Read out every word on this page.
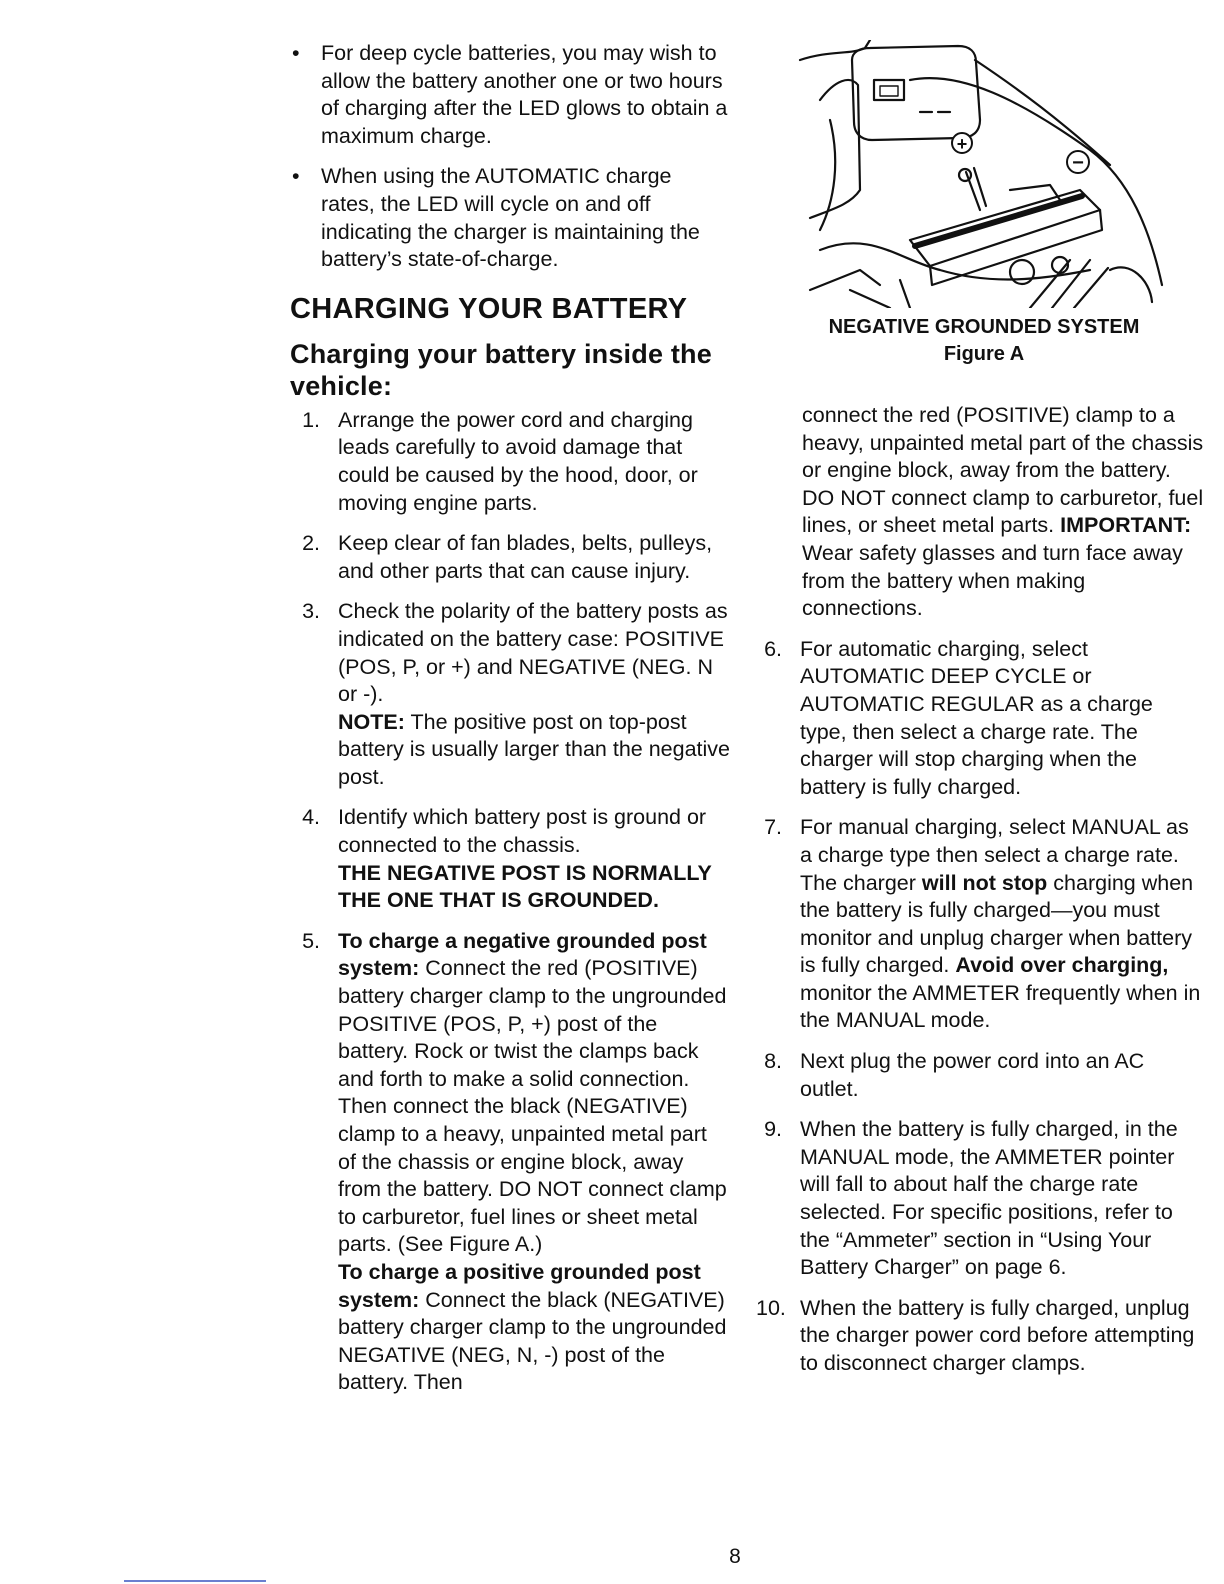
• For deep cycle batteries, you may wish to allow the battery another one or two hours of charging after the LED glows to obtain a maximum charge.
• When using the AUTOMATIC charge rates, the LED will cycle on and off indicating the charger is maintaining the battery’s state-of-charge.
CHARGING YOUR BATTERY
Charging your battery inside the vehicle:
1. Arrange the power cord and charging leads carefully to avoid damage that could be caused by the hood, door, or moving engine parts.

2. Keep clear of fan blades, belts, pulleys, and other parts that can cause injury.

3. Check the polarity of the battery posts as indicated on the battery case: POSITIVE (POS, P, or +) and NEGATIVE (NEG. N or -).
NOTE: The positive post on top-post battery is usually larger than the negative post.

4. Identify which battery post is ground or connected to the chassis.
THE NEGATIVE POST IS NORMALLY THE ONE THAT IS GROUNDED.

5. To charge a negative grounded post system: Connect the red (POSITIVE) battery charger clamp to the ungrounded POSITIVE (POS, P, +) post of the battery. Rock or twist the clamps back and forth to make a solid connection. Then connect the black (NEGATIVE) clamp to a heavy, unpainted metal part of the chassis or engine block, away from the battery. DO NOT connect clamp to carburetor, fuel lines or sheet metal parts. (See Figure A.)
To charge a positive grounded post system: Connect the black (NEGATIVE) battery charger clamp to the ungrounded NEGATIVE (NEG, N, -) post of the battery. Then

+
−
NEGATIVE GROUNDED SYSTEM
Figure A
connect the red (POSITIVE) clamp to a heavy, unpainted metal part of the chassis or engine block, away from the battery. DO NOT connect clamp to carburetor, fuel lines, or sheet metal parts. IMPORTANT: Wear safety glasses and turn face away from the battery when making connections.
6. For automatic charging, select AUTOMATIC DEEP CYCLE or AUTOMATIC REGULAR as a charge type, then select a charge rate. The charger will stop charging when the battery is fully charged.

7. For manual charging, select MANUAL as a charge type then select a charge rate. The charger will not stop charging when the battery is fully charged—you must monitor and unplug charger when battery is fully charged. Avoid over charging, monitor the AMMETER frequently when in the MANUAL mode.

8. Next plug the power cord into an AC outlet.

9. When the battery is fully charged, in the MANUAL mode, the AMMETER pointer will fall to about half the charge rate selected. For specific positions, refer to the “Ammeter” section in “Using Your Battery Charger” on page 6.

10. When the battery is fully charged, unplug the charger power cord before attempting to disconnect charger clamps.

8
